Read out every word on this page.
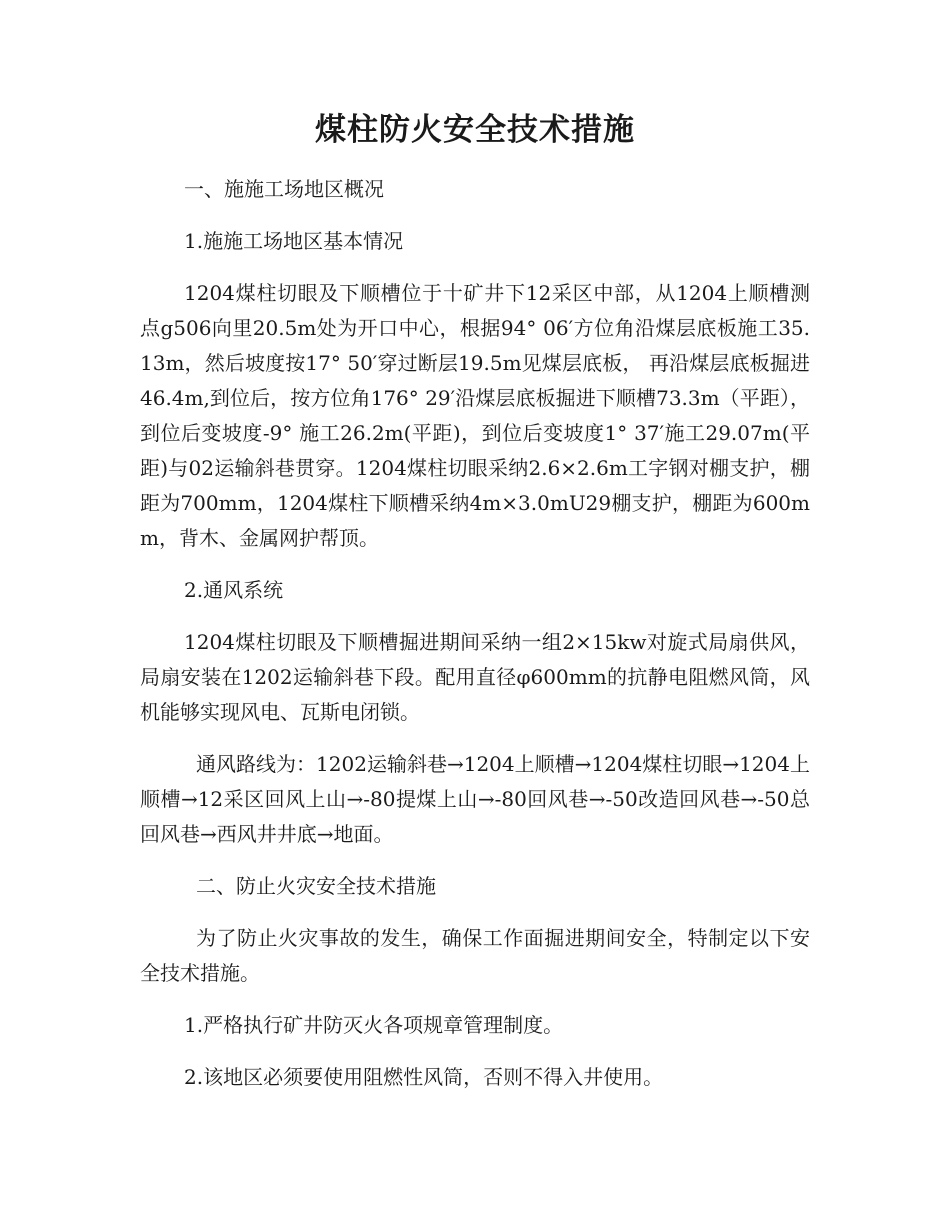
煤柱防火安全技术措施
一、施施工场地区概况
1.施施工场地区基本情况

1204煤柱切眼及下顺槽位于十矿井下12采区中部，从1204上顺槽测点g506向里20.5m处为开口中心，根据94° 06′方位角沿煤层底板施工35.13m，然后坡度按17° 50′穿过断层19.5m见煤层底板， 再沿煤层底板掘进46.4m,到位后，按方位角176° 29′沿煤层底板掘进下顺槽73.3m（平距），到位后变坡度-9° 施工26.2m(平距)，到位后变坡度1° 37′施工29.07m(平距)与02运输斜巷贯穿。1204煤柱切眼采纳2.6×2.6m工字钢对棚支护，棚距为700mm，1204煤柱下顺槽采纳4m×3.0mU29棚支护，棚距为600mm，背木、金属网护帮顶。

2.通风系统

1204煤柱切眼及下顺槽掘进期间采纳一组2×15kw对旋式局扇供风，局扇安装在1202运输斜巷下段。配用直径φ600mm的抗静电阻燃风筒，风机能够实现风电、瓦斯电闭锁。

通风路线为：1202运输斜巷→1204上顺槽→1204煤柱切眼→1204上顺槽→12采区回风上山→-80提煤上山→-80回风巷→-50改造回风巷→-50总回风巷→西风井井底→地面。

二、防止火灾安全技术措施

为了防止火灾事故的发生，确保工作面掘进期间安全，特制定以下安全技术措施。

1.严格执行矿井防灭火各项规章管理制度。

2.该地区必须要使用阻燃性风筒，否则不得入井使用。
